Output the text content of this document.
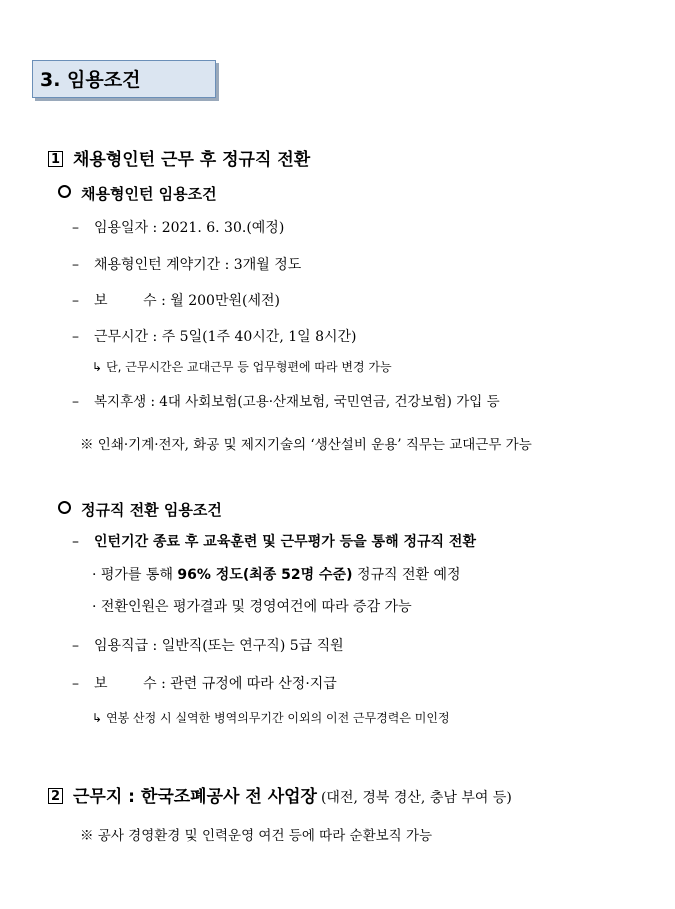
3. 임용조건
1 채용형인턴 근무 후 정규직 전환
채용형인턴 임용조건
– 임용일자 : 2021. 6. 30.(예정)
– 채용형인턴 계약기간 : 3개월 정도
– 보        수 : 월 200만원(세전)
– 근무시간 : 주 5일(1주 40시간, 1일 8시간)
↳ 단, 근무시간은 교대근무 등 업무형편에 따라 변경 가능
– 복지후생 : 4대 사회보험(고용·산재보험, 국민연금, 건강보험) 가입 등
※ 인쇄·기계·전자, 화공 및 제지기술의 ‘생산설비 운용’ 직무는 교대근무 가능
정규직 전환 임용조건
– 인턴기간 종료 후 교육훈련 및 근무평가 등을 통해 정규직 전환
· 평가를 통해 96% 정도(최종 52명 수준) 정규직 전환 예정
· 전환인원은 평가결과 및 경영여건에 따라 증감 가능
– 임용직급 : 일반직(또는 연구직) 5급 직원
– 보        수 : 관련 규정에 따라 산정·지급
↳ 연봉 산정 시 실역한 병역의무기간 이외의 이전 근무경력은 미인정
2 근무지 : 한국조폐공사 전 사업장 (대전, 경북 경산, 충남 부여 등)
※ 공사 경영환경 및 인력운영 여건 등에 따라 순환보직 가능
